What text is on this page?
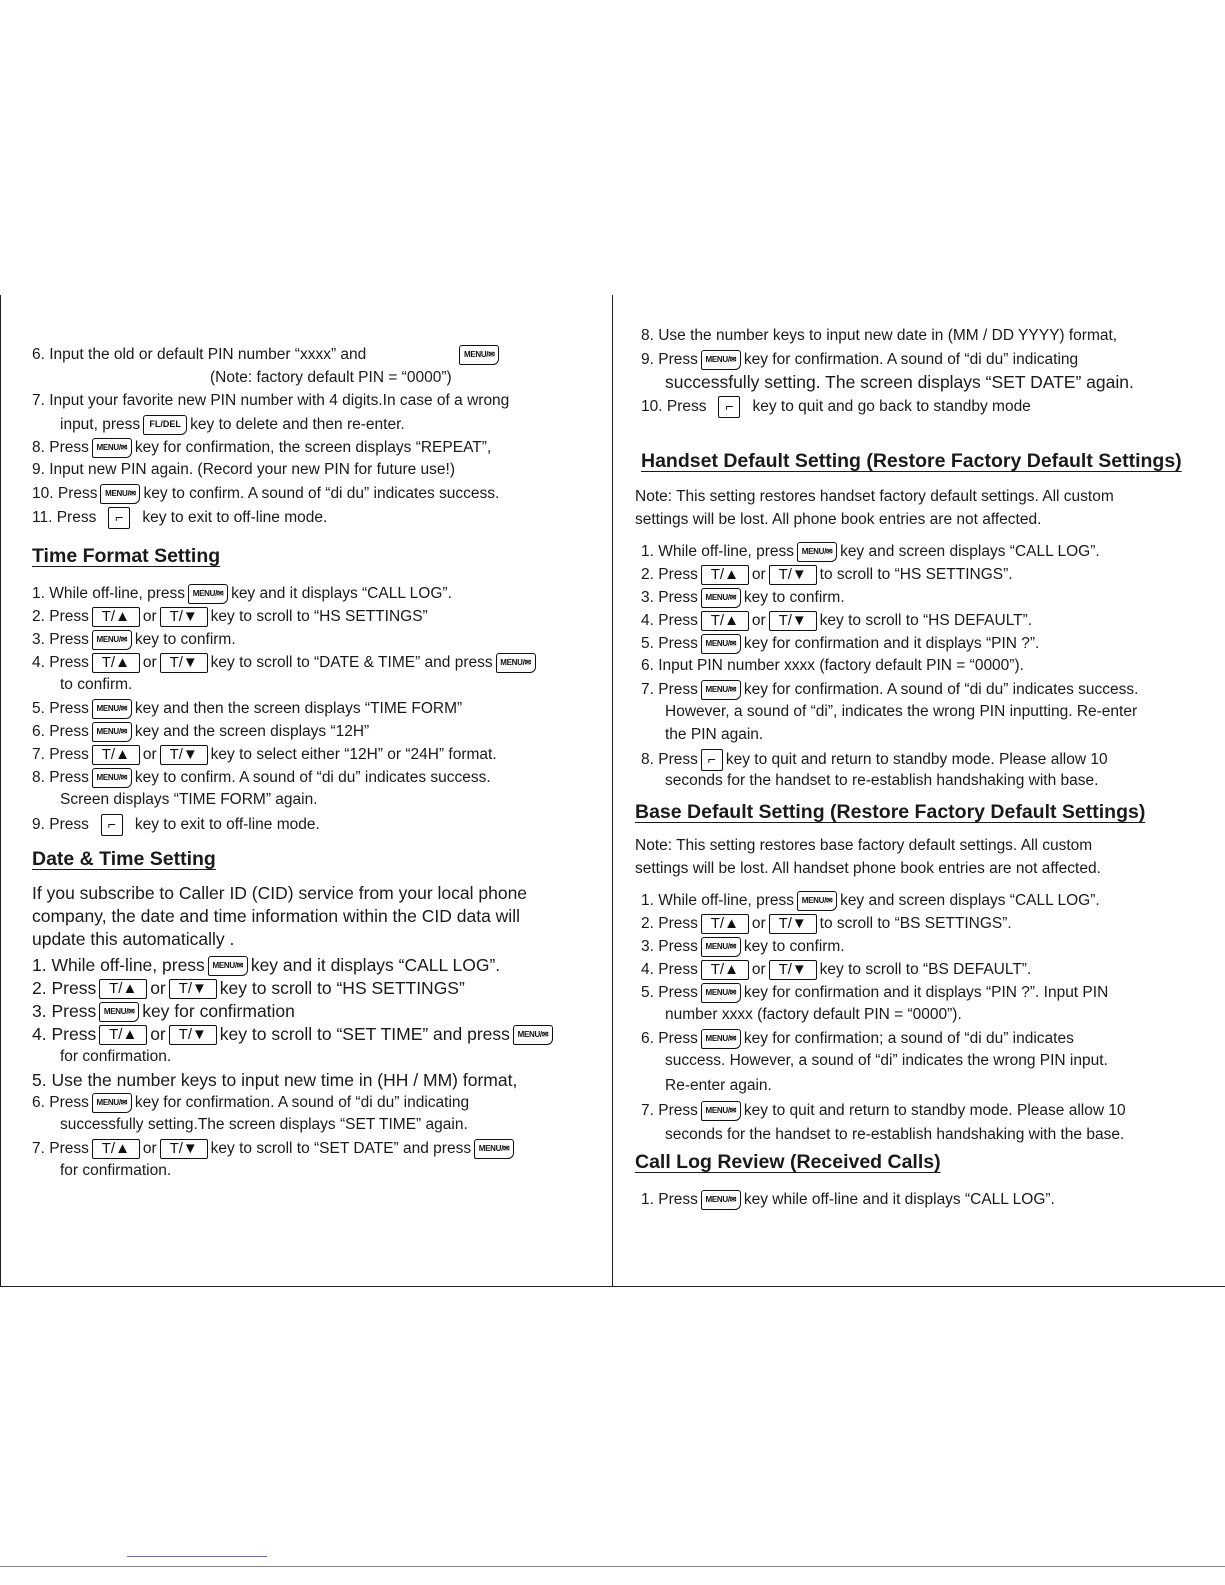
6. Input the old or default PIN number “xxxx” and	MENU/✉
(Note: factory default PIN = “0000”)
7. Input your favorite new PIN number with 4 digits.In case of a wrong
input, press FL/DEL key to delete and then re-enter.
8. Press MENU/✉ key for confirmation, the screen displays “REPEAT”,
9. Input new PIN again. (Record your new PIN for future use!)
10. Press MENU/✉ key to confirm. A sound of “di du” indicates success.
11. Press ⌐ key to exit to off-line mode.
Time Format Setting
1. While off-line, press MENU/✉ key and it displays “CALL LOG”.
2. Press T/▲ or T/▼ key to scroll to “HS SETTINGS”
3. Press MENU/✉ key to confirm.
4. Press T/▲ or T/▼ key to scroll to “DATE & TIME” and press MENU/✉
to confirm.
5. Press MENU/✉ key and then the screen displays “TIME FORM”
6. Press MENU/✉ key and the screen displays “12H”
7. Press T/▲ or T/▼ key to select either “12H” or “24H” format.
8. Press MENU/✉ key to confirm. A sound of “di du” indicates success.
Screen displays “TIME FORM” again.
9. Press ⌐ key to exit to off-line mode.
Date & Time Setting
If you subscribe to Caller ID (CID) service from your local phone
company, the date and time information within the CID data will
update this automatically .
1. While off-line, press MENU/✉ key and it displays “CALL LOG”.
2. Press T/▲ or T/▼ key to scroll to “HS SETTINGS”
3. Press MENU/✉ key for confirmation
4. Press T/▲ or T/▼ key to scroll to “SET TIME” and press MENU/✉
for confirmation.
5. Use the number keys to input new time in (HH / MM) format,
6. Press MENU/✉ key for confirmation. A sound of “di du” indicating
successfully setting.The screen displays “SET TIME” again.
7. Press T/▲ or T/▼ key to scroll to “SET DATE” and press MENU/✉
for confirmation.
8. Use the number keys to input new date in (MM / DD YYYY) format,
9. Press MENU/✉ key for confirmation. A sound of “di du” indicating
successfully setting. The screen displays “SET DATE” again.
10. Press ⌐ key to quit and go back to standby mode
Handset Default Setting (Restore Factory Default Settings)
Note: This setting restores handset factory default settings. All custom
settings will be lost. All phone book entries are not affected.
1. While off-line, press MENU/✉ key and screen displays “CALL LOG”.
2. Press T/▲ or T/▼ to scroll to “HS SETTINGS”.
3. Press MENU/✉ key to confirm.
4. Press T/▲ or T/▼ key to scroll to “HS DEFAULT”.
5. Press MENU/✉ key for confirmation and it displays “PIN ?”.
6. Input PIN number xxxx (factory default PIN = “0000”).
7. Press MENU/✉ key for confirmation. A sound of “di du” indicates success.
However, a sound of “di”, indicates the wrong PIN inputting. Re-enter
the PIN again.
8. Press ⌐ key to quit and return to standby mode. Please allow 10
seconds for the handset to re-establish handshaking with base.
Base Default Setting (Restore Factory Default Settings)
Note: This setting restores base factory default settings. All custom
settings will be lost. All handset phone book entries are not affected.
1. While off-line, press MENU/✉ key and screen displays “CALL LOG”.
2. Press T/▲ or T/▼ to scroll to “BS SETTINGS”.
3. Press MENU/✉ key to confirm.
4. Press T/▲ or T/▼ key to scroll to “BS DEFAULT”.
5. Press MENU/✉ key for confirmation and it displays “PIN ?”. Input PIN
number xxxx (factory default PIN = “0000”).
6. Press MENU/✉ key for confirmation; a sound of “di du” indicates
success. However, a sound of “di” indicates the wrong PIN input.
Re-enter again.
7. Press MENU/✉ key to quit and return to standby mode. Please allow 10
seconds for the handset to re-establish handshaking with the base.
Call Log Review (Received Calls)
1. Press MENU/✉ key while off-line and it displays “CALL LOG”.
